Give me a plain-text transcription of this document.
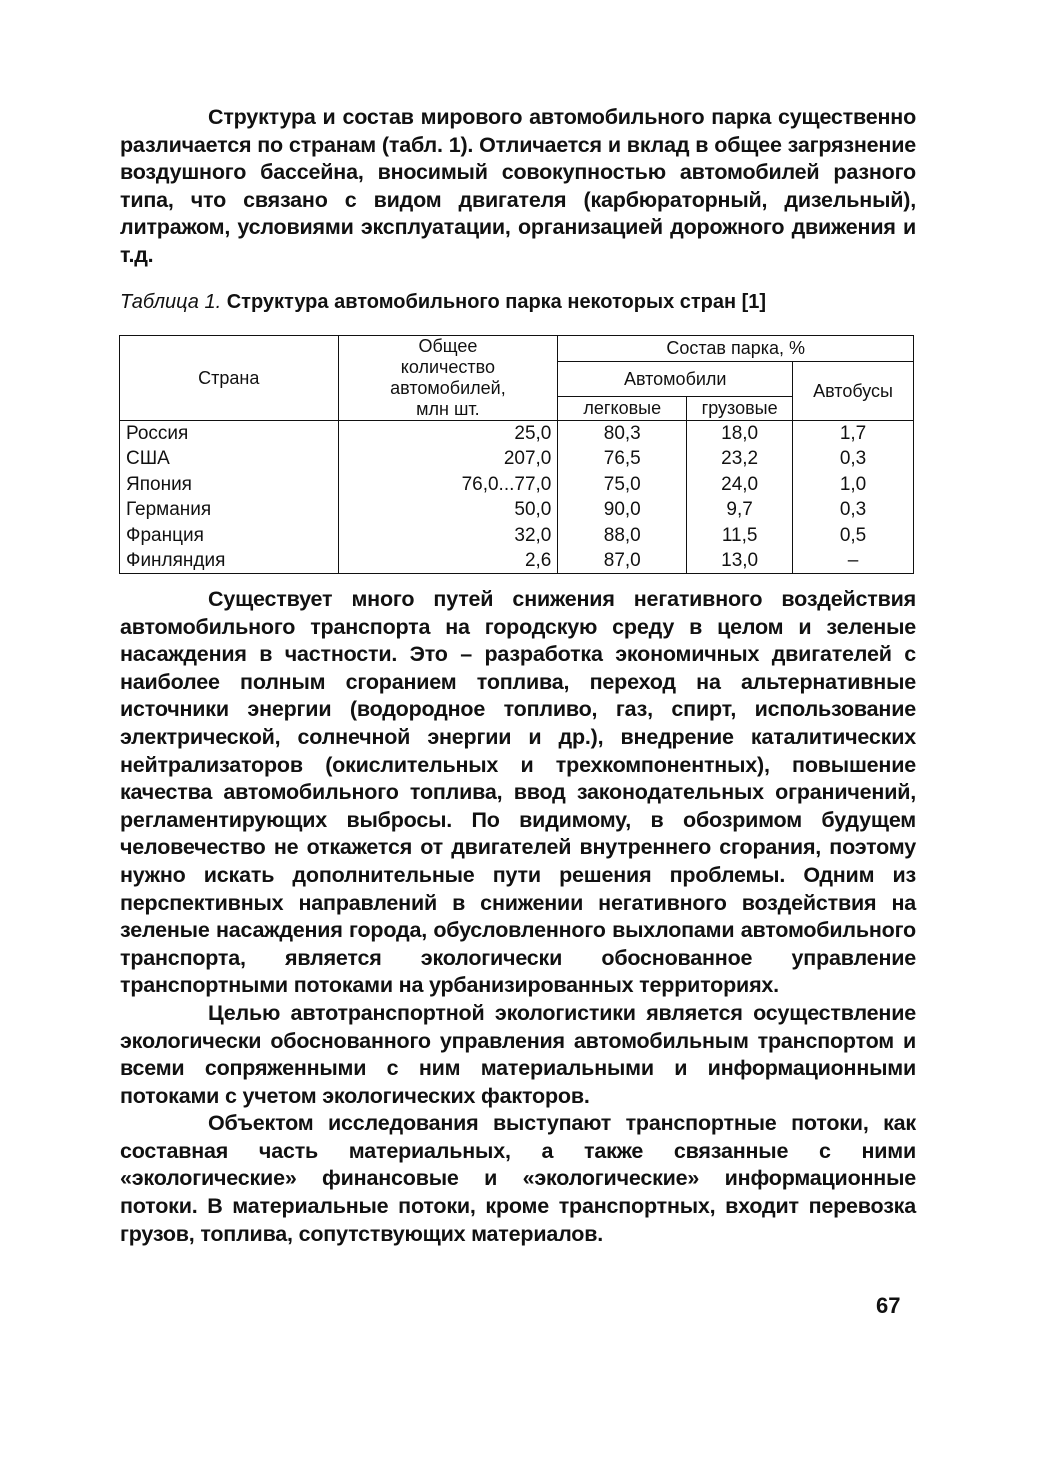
Структура и состав мирового автомобильного парка существенно различается по странам (табл. 1). Отличается и вклад в общее загрязнение воздушного бассейна, вносимый совокупностью автомобилей разного типа, что связано с видом двигателя (карбюраторный, дизельный), литражом, условиями эксплуатации, организацией дорожного движения и т.д.

Таблица 1. Структура автомобильного парка некоторых стран [1]
Страна	Общее количество автомобилей, млн шт.	Состав парка, %		
		Автомобили		Автобусы
		легковые	грузовые	
Россия	25,0	80,3	18,0	1,7
США	207,0	76,5	23,2	0,3
Япония	76,0...77,0	75,0	24,0	1,0
Германия	50,0	90,0	9,7	0,3
Франция	32,0	88,0	11,5	0,5
Финляндия	2,6	87,0	13,0	–

Существует много путей снижения негативного воздействия автомобильного транспорта на городскую среду в целом и зеленые насаждения в частности. Это – разработка экономичных двигателей с наиболее полным сгоранием топлива, переход на альтернативные источники энергии (водородное топливо, газ, спирт, использование электрической, солнечной энергии и др.), внедрение каталитических нейтрализаторов (окислительных и трехкомпонентных), повышение качества автомобильного топлива, ввод законодательных ограничений, регламентирующих выбросы. По видимому, в обозримом будущем человечество не откажется от двигателей внутреннего сгорания, поэтому нужно искать дополнительные пути решения проблемы. Одним из перспективных направлений в снижении негативного воздействия на зеленые насаждения города, обусловленного выхлопами автомобильного транспорта, является экологически обоснованное управление транспортными потоками на урбанизированных территориях.

Целью автотранспортной экологистики является осуществление экологически обоснованного управления автомобильным транспортом и всеми сопряженными с ним материальными и информационными потоками с учетом экологических факторов.

Объектом исследования выступают транспортные потоки, как составная часть материальных, а также связанные с ними «экологические» финансовые и «экологические» информационные потоки. В материальные потоки, кроме транспортных, входит перевозка грузов, топлива, сопутствующих материалов.

67
